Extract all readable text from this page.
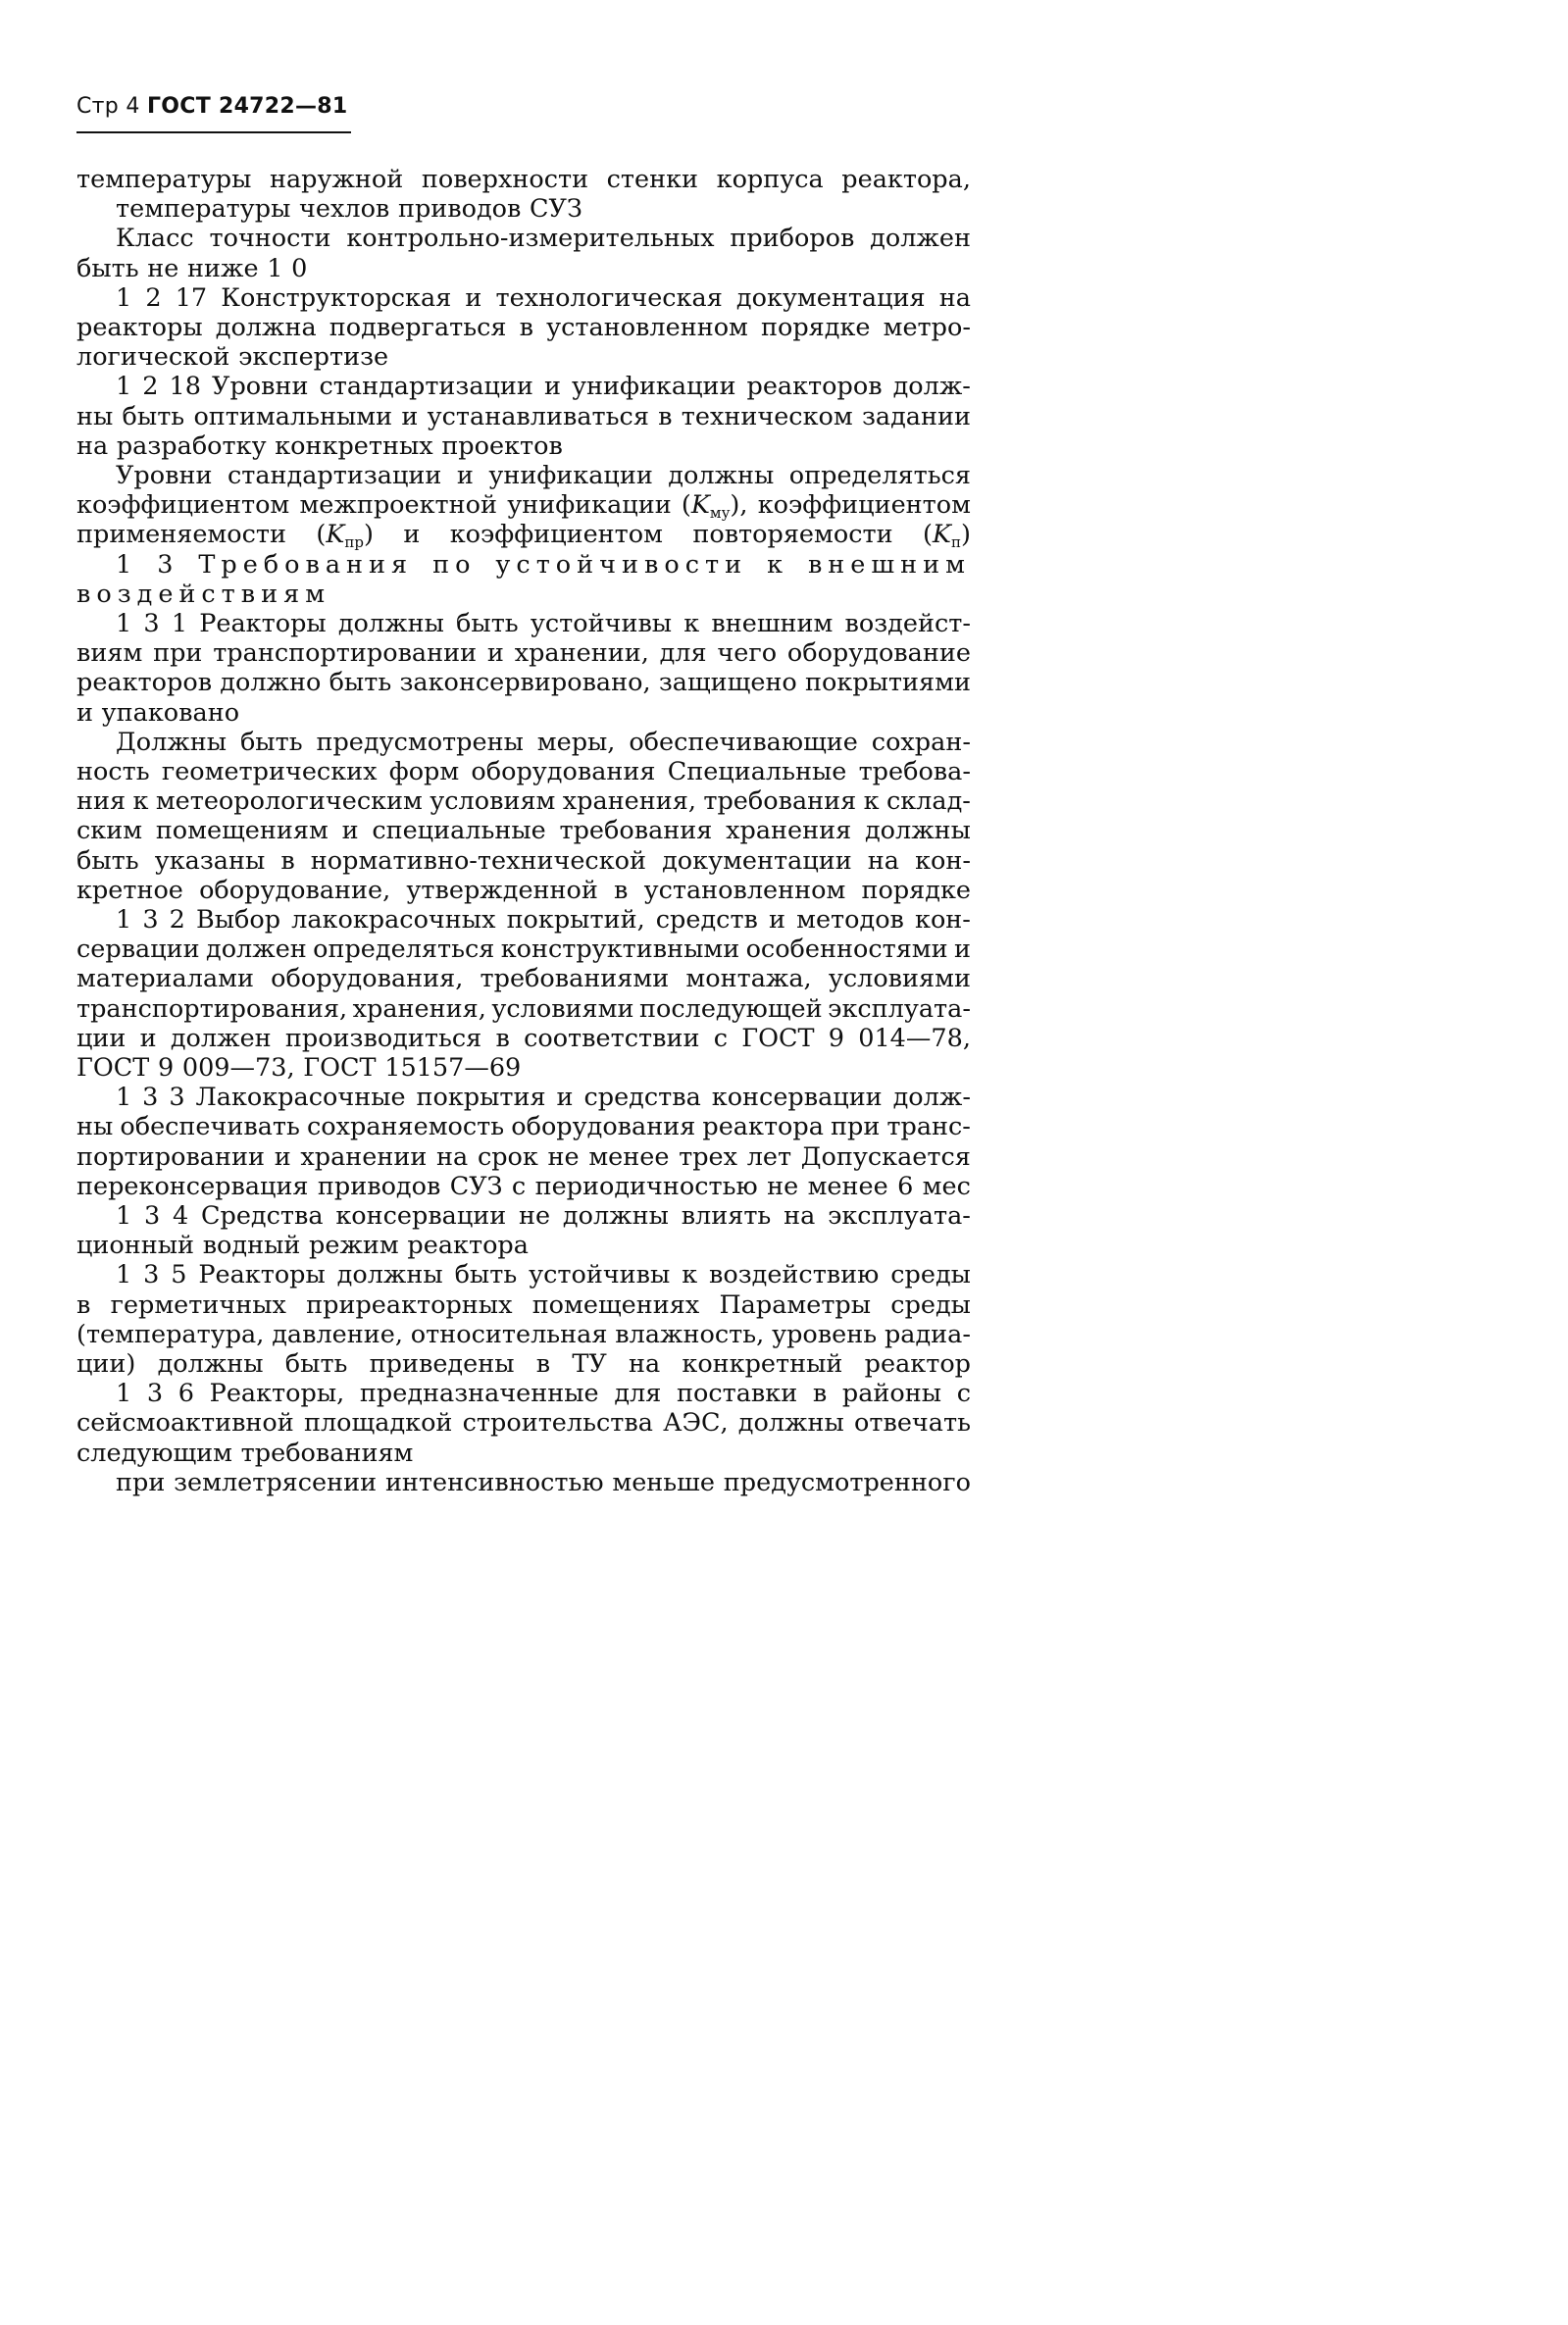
Стр 4 ГОСТ 24722—81
температуры наружной поверхности стенки корпуса реактора,
температуры чехлов приводов СУЗ
Класс точности контрольно-измерительных приборов должен
быть не ниже 1 0
1 2 17 Конструкторская и технологическая документация на
реакторы должна подвергаться в установленном порядке метро-
логической экспертизе
1 2 18 Уровни стандартизации и унификации реакторов долж-
ны быть оптимальными и устанавливаться в техническом задании
на разработку конкретных проектов
Уровни стандартизации и унификации должны определяться
коэффициентом межпроектной унификации $(K_{му})$, коэффициентом
применяемости $(K_{пр})$ и коэффициентом повторяемости $(K_п)$
1 3 Требования по устойчивости к внешним
воздействиям
1 3 1 Реакторы должны быть устойчивы к внешним воздейст-
виям при транспортировании и хранении, для чего оборудование
реакторов должно быть законсервировано, защищено покрытиями
и упаковано
Должны быть предусмотрены меры, обеспечивающие сохран-
ность геометрических форм оборудования Специальные требова-
ния к метеорологическим условиям хранения, требования к склад-
ским помещениям и специальные требования хранения должны
быть указаны в нормативно-технической документации на кон-
кретное оборудование, утвержденной в установленном порядке
1 3 2 Выбор лакокрасочных покрытий, средств и методов кон-
сервации должен определяться конструктивными особенностями и
материалами оборудования, требованиями монтажа, условиями
транспортирования, хранения, условиями последующей эксплуата-
ции и должен производиться в соответствии с ГОСТ 9 014—78,
ГОСТ 9 009—73, ГОСТ 15157—69
1 3 3 Лакокрасочные покрытия и средства консервации долж-
ны обеспечивать сохраняемость оборудования реактора при транс-
портировании и хранении на срок не менее трех лет Допускается
переконсервация приводов СУЗ с периодичностью не менее 6 мес
1 3 4 Средства консервации не должны влиять на эксплуата-
ционный водный режим реактора
1 3 5 Реакторы должны быть устойчивы к воздействию среды
в герметичных приреакторных помещениях Параметры среды
(температура, давление, относительная влажность, уровень радиа-
ции) должны быть приведены в ТУ на конкретный реактор
1 3 6 Реакторы, предназначенные для поставки в районы с
сейсмоактивной площадкой строительства АЭС, должны отвечать
следующим требованиям
при землетрясении интенсивностью меньше предусмотренного
